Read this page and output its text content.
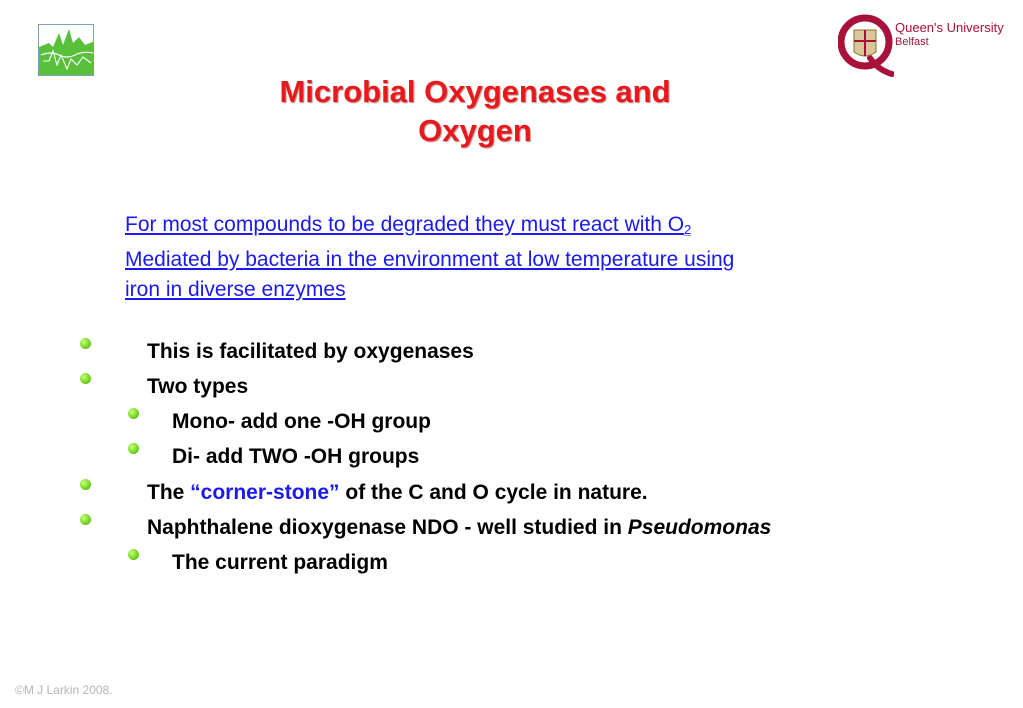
Queen's University
Belfast
Microbial Oxygenases and
Oxygen

For most compounds to be degraded they must react with $O_2$

Mediated by bacteria in the environment at low temperature using

iron in diverse enzymes

This is facilitated by oxygenases
Two types
Mono- add one -OH group
Di- add TWO -OH groups
The “corner-stone” of the C and O cycle in nature.
Naphthalene dioxygenase NDO - well studied in Pseudomonas
The current paradigm
©M J Larkin 2008.
